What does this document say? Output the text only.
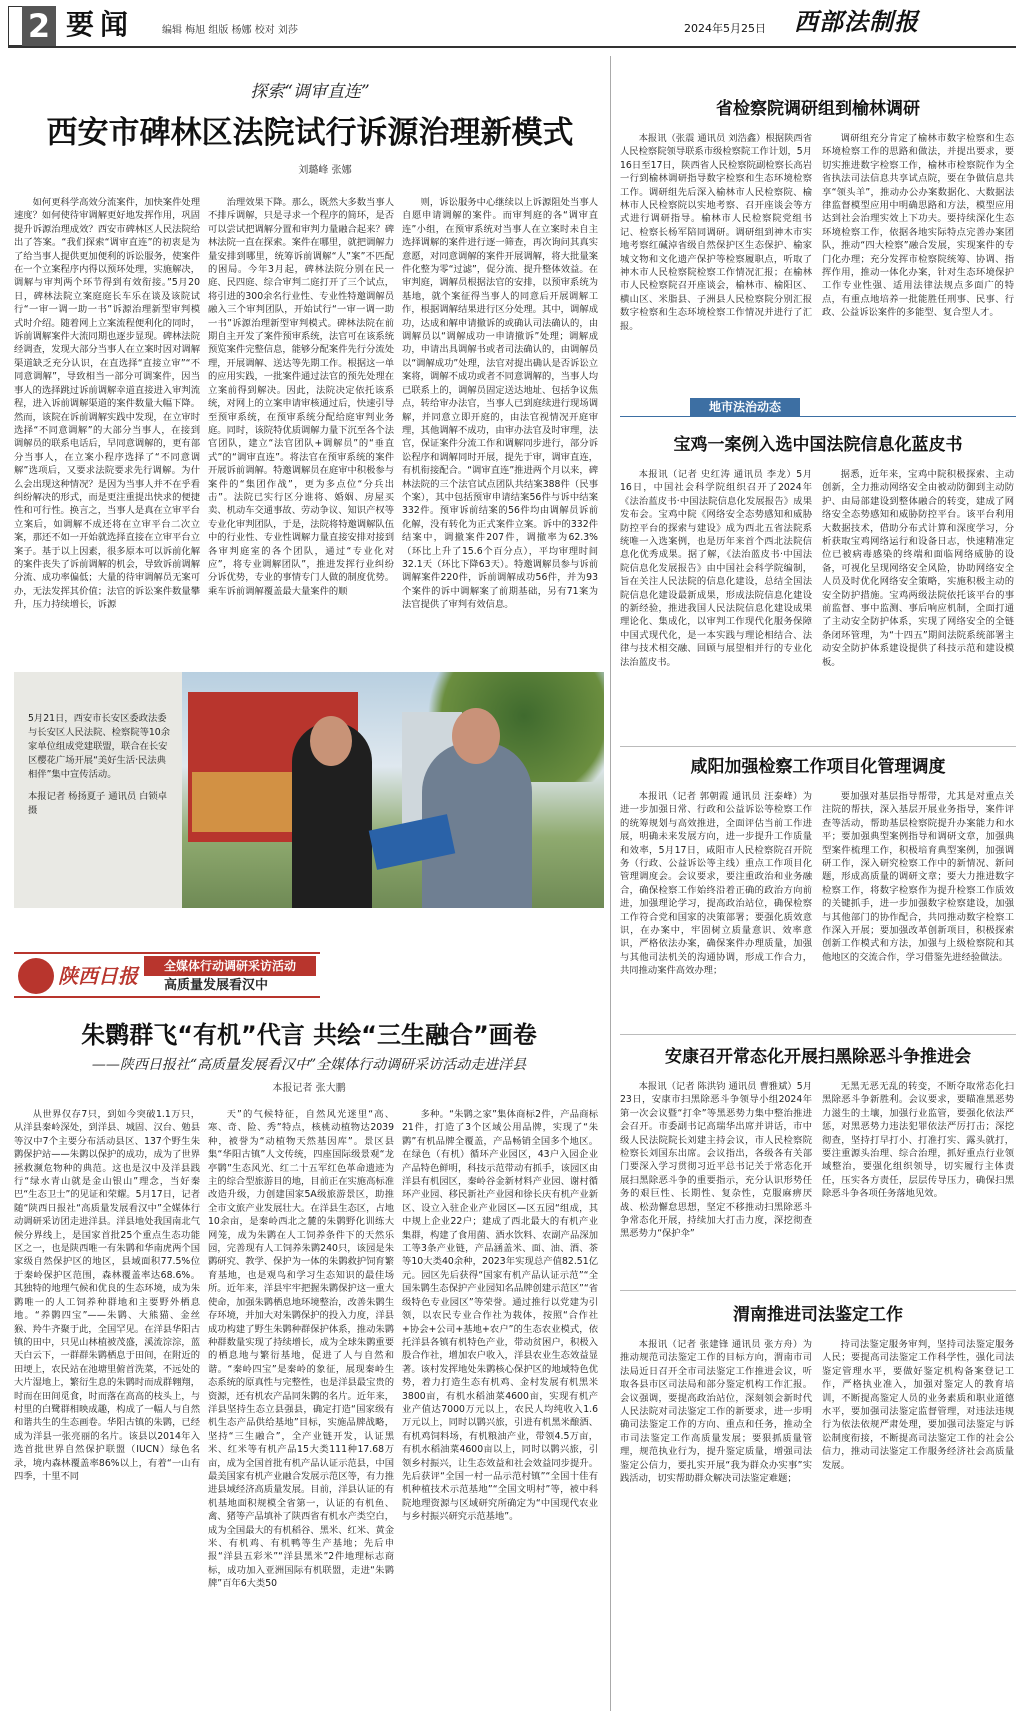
2 要闻	编辑 梅旭 组版 杨娜 校对 刘莎	2024年5月25日 西部法制报
探索“调审直连”
西安市碑林区法院试行诉源治理新模式
刘璐峰 张娜
如何更科学高效分流案件，加快案件处理速度？如何使待审调解更好地发挥作用，巩固提升诉源治理成效？西安市碑林区人民法院给出了答案。“我们探索“调审直连”的初衷是为了给当事人提供更加便利的诉讼服务，使案件在一个立案程序内得以预环处理，实施解决，调解与审判两个环节得到有效衔接。”5月20日，碑林法院立案庭庭长车乐在谈及该院试行“一审一调一助一书”诉源治理新型审判模式时介绍。随着网上立案流程便利化的同时，诉前调解案件大流同期也逐步显现。碑林法院经调查，发现大部分当事人在立案时因对调解渠道缺乏充分认识，在直选择“直接立审”“不同意调解”，导致相当一部分可调案件，因当事人的选择跳过诉前调解幸道直接进入审判流程，进入诉前调解渠道的案件数量大幅下降。然而，该院在诉前调解实践中发现，在立审时选择“不同意调解”的大部分当事人，在接到调解员的联系电话后，早同意调解的，更有部分当事人，在立案小程序选择了“不同意调解”选项后，又要求法院要求先行调解。为什么会出现这种情况？是因为当事人并不在乎看纠纷解决的形式，而是更注重提出快求的便捷性和可行性。换言之，当事人是真在立审平台立案后，如调解不成还将在立审平台二次立案，那还不如一开始就选择直接在立审平台立案子。基于以上因素，很多原本可以诉前化解的案件丧失了诉前调解的机会，导致诉前调解分流、成功率偏低；大量的待审调解员无案可办，无法发挥其价值；法官的诉讼案件数量攀升，压力持续增长，诉源
治理效果下降。那么，既然大多数当事人不排斥调解，只是寻求一个程序的简环，是否可以尝试把调解分置和审判力量融合起来？碑林法院一直在探索。案件在哪里，就把调解力量安排到哪里，统筹诉前调解“人”案”不匹配的困局。今年3月起，碑林法院分别在民一庭、民四庭、综合审判二庭打开了三个试点，将引进的300余名行业性、专业性特邀调解员融入三个审判团队，开始试行“一审一调一助一书”诉源治理新型审判模式。碑林法院在前期自主开发了案件预审系统，法官可在该系统预览案件完整信息，能够分配案件先行分流处理，开展调解、送达等先期工作。根据这一单的应用实践，一批案件通过法官的预先处理在立案前得到解决。因此，法院决定依托该系统，对网上的立案申请审核通过后，快速引导至预审系统，在预审系统分配给庭审判业务庭。同时，该院特优质调解力量下沉至各个法官团队，建立“法官团队+调解员”的“垂直式”的“调审直连”。将法官在预审系统的案件开展诉前调解。特邀调解员在庭审中积极参与案件的“集团作战”，更为多点位“分兵出击”。法院已实行区分谁将、婚姻、房屋买卖、机动车交通事故、劳动争议、知识产权等专业化审判团队，于是，法院将特邀调解队伍中的行业性、专业性调解力量直接安排对接到各审判庭室的各个团队，通过“专业化对应”，将专业调解团队”，推进发挥行业纠纷分诉优势，专业的事情专门人做的制度优势。乘车诉前调解覆盖最大量案件的顺
则，诉讼服务中心继续以上诉源阻处当事人自愿申请调解的案件。而审判庭的各“调审直连”小组，在预审系统对当事人在立案时未自主选择调解的案件进行逐一筛查，再次询问其真实意愿，对同意调解的案件开展调解，将大批量案件化整为零“过滤”，促分流、提升整体效益。在审判庭，调解员根据法官的安排，以预审系统为基地，就个案征得当事人的同意后开展调解工作，根据调解结果进行区分处理。其中，调解成功，达成和解申请撤诉的或确认司法确认的，由调解员以“调解成功一申请撤诉”处理；调解成功，申请出具调解书或者司法确认的，由调解员以“调解成功”处理，法官对提出确认是否诉讼立案将，调解不成功或者不同意调解的，当事人均已联系上的，调解员固定送达地址、包括争议焦点，转给审办法官，当事人已到庭续进行现场调解，并同意立即开庭的，由法官视情况开庭审理，其他调解不成功，由审办法官及时审理，法官，保证案件分流工作和调解同步进行，部分诉讼程序和调解同时开展，提先于审，调审直连，有机衔接配合。“调审直连”推进两个月以来，碑林法院的三个法官试点团队共结案388件（民事个案），其中包括预审申请结案56件与诉中结案332件。预审诉前结案的56件均由调解员诉前化解，没有转化为正式案件立案。诉中的332件结案中，调撤案件207件，调撤率为62.3%（环比上升了15.6个百分点），平均审理时间32.1天（环比下降63天）。特邀调解员参与诉前调解案件220件，诉前调解成功56件，并为93个案件的诉中调解案了前期基础，另有71案为法官提供了审判有效信息。
5月21日，西安市长安区委政法委与长安区人民法院、检察院等10余家单位组成党建联盟，联合在长安区樱花广场开展“美好生活·民法典相伴”集中宣传活动。
本报记者 杨扬夏子 通讯员 白锁卓 摄
陕西日报	全媒体行动调研采访活动
高质量发展看汉中
朱鹮群飞“有机”代言 共绘“三生融合”画卷
——陕西日报社“高质量发展看汉中”全媒体行动调研采访活动走进洋县
本报记者 张大鹏
从世界仅存7只，到如今突破1.1万只，从洋县秦岭深处，到洋县、城固、汉台、勉县等汉中7个主要分布活动县区、137个野生朱鹮保护站——朱鹮以保护的成功，成为了世界拯救濒危物种的典范。这也是汉中及洋县践行“绿水青山就是金山银山”理念，当好秦巴“生态卫士”的见证和荣耀。5月17日，记者随“陕西日报社“高质量发展看汉中”全媒体行动调研采访团走进洋县。洋县地处我国南北气候分界线上，是国家首批25个重点生态功能区之一，也是陕西唯一有朱鹮和华南虎两个国家级自然保护区的地区，县域面积77.5%位于秦岭保护区范围，森林覆盖率达68.6%。其独特的地理气候和优良的生态环境，成为朱鹮唯一的人工饲养种群地和主要野外栖息地。“养鹮四宝”——朱鹮、大熊猫、金丝猴、羚牛齐聚于此，全国罕见。在洋县华阳古镇的田中，只见山林植被茂盛，溪流淙淙，蓝天白云下，一群群朱鹮栖息于田间，在附近的田埂上，农民站在池塘里俯首洗菜，不远处的大片湿地上，繁衍生息的朱鹮时而成群翱翔，时而在田间觅食，时而落在高高的枝头上，与村里的白鹭群相映成趣，构成了一幅人与自然和谐共生的生态画卷。华阳古镇的朱鹮，已经成为洋县一张亮丽的名片。该县以2014年入选首批世界自然保护联盟（IUCN）绿色名录，境内森林覆盖率86%以上，有着“一山有四季，十里不同
天”的气候特征，自然风光迷里“高、寒、奇、险、秀”特点，核桃动植物达2039种，被誉为“动植物天然基因库”。景区县集“华阳古镇”人文传统，四座国际级景观“龙亭鹮”生态风光、红二十五军红色革命遗迹为主的综合型旅游目的地，目前正在实施高标准改造升级，力创建国家5A级旅游景区，助推全市文旅产业发展壮大。在洋县生态区，占地10余亩，是秦岭西北之麓的朱鹮野化训练大网笼，成为朱鹮在人工饲养条件下的天然乐园，完善现有人工饲养朱鹮240只，该园是朱鹮研究、教学、保护为一体的朱鹮救护饲育繁育基地，也是观鸟和学习生态知识的最佳场所。近年来，洋县牢牢把握朱鹮保护这一重大使命，加强朱鹮栖息地环境整治，改善朱鹮生存环境，并加大对朱鹮保护的投入力度，洋县成功构建了野生朱鹮种群保护体系，推动朱鹮种群数量实现了持续增长，成为全球朱鹮重要的栖息地与繁衍基地，促进了人与自然和谐。“秦岭四宝”是秦岭的象征，展现秦岭生态系统的原真性与完整性，也是洋县最宝贵的资源，还有机农产品同朱鹮的名片。近年来，洋县坚持生态立县强县，确定打造“国家级有机生态产品供给基地”目标，实施品牌战略，坚持“三生融合”，全产业链开发，认证黑米、红米等有机产品15大类111种17.68万亩，成为全国首批有机产品认证示范县，中国最美国家有机产业融合发展示范区等，有力推进县域经济高质量发展。目前，洋县认证的有机基地面积规模全省第一，认证的有机鱼、禽、猪等产品填补了陕西省有机水产类空白，成为全国最大的有机稻谷、黑米、红米、黄金米、有机鸡、有机鸭等生产基地；先后申报“洋县五彩米”“洋县黑米”2件地理标志商标，成功加入亚洲国际有机联盟，走进“朱鹮牌”百年6大类50
多种。“朱鹮之家”集体商标2件，产品商标21件，打造了3个区域公用品牌，实现了“朱鹮”有机品牌全覆盖，产品畅销全国多个地区。在绿色（有机）循环产业园区，43户入园企业产品特色鲜明，科技示范带动有抓手，该园区由洋县有机园区，秦岭谷金新材料产业园、谢村循环产业园、移民新社产业园和徐长庆有机产业新区、设立入驻企业产业园区—区五园“组成，其中规上企业22户；建成了西北最大的有机产业集群，构建了食用菌、酒水饮料、农副产品深加工等3条产业链，产品涵盖米、面、油、酒、茶等10大类40余种，2023年实现总产值82.51亿元。园区先后获得“国家有机产品认证示范”“全国朱鹮生态保护产业园知名品牌创建示范区”“省级特色专业园区”等荣誉。通过推行以党建为引领，以农民专业合作社为载体，按照“合作社+协会+公司+基地+农户”的生态农业模式，依托洋县各镇有机特色产业，带动贫困户，积极入股合作社，增加农户收入，洋县农业生态效益显著。该村发挥地处朱鹮核心保护区的地域特色优势，着力打造生态有机鸡、金村发展有机黑米3800亩，有机水稻油菜4600亩，实现有机产业产值达7000万元以上，农民人均纯收入1.6万元以上，同时以鹮兴旅，引进有机黑米酿酒、有机鸡饲料场，有机粮油产业，带领4.5万亩，有机水稻油菜4600亩以上，同时以鹮兴旅，引领乡村振兴，让生态效益和社会效益同步提升。先后获评“全国一村一品示范村镇”“全国十佳有机种植技术示范基地”“全国文明村”等，被中科院地理资源与区域研究所确定为“中国现代农业与乡村振兴研究示范基地”。
省检察院调研组到榆林调研
本报讯（张震 通讯员 刘浩鑫）根据陕西省人民检察院领导联系市级检察院工作计划，5月16日至17日，陕西省人民检察院副检察长高岩一行到榆林调研指导数字检察和生态环境检察工作。调研组先后深入榆林市人民检察院、榆林市人民检察院以实地考察、召开座谈会等方式进行调研指导。榆林市人民检察院党组书记、检察长杨军陪同调研。调研组到神木市实地考察红碱淖省级自然保护区生态保护、榆家城文物和文化遗产保护等检察履职点，听取了神木市人民检察院检察工作情况汇报；在榆林市人民检察院召开座谈会，榆林市、榆阳区、横山区、米脂县、子洲县人民检察院分别汇报数字检察和生态环境检察工作情况并进行了汇报。
调研组充分肯定了榆林市数字检察和生态环境检察工作的思路和做法，并提出要求，要切实推进数字检察工作，榆林市检察院作为全省执法司法信息共享试点院，要在争做信息共享“领头羊”，推动办公办案数据化、大数据法律监督模型应用中明确思路和方法，模型应用达到社会治理实效上下功夫。要持续深化生态环境检察工作，依据各地实际特点完善办案团队，推动“四大检察”融合发展，实现案件的专门化办理；充分发挥市检察院统筹、协调、指挥作用，推动一体化办案，针对生态环境保护工作专业性强、适用法律法规点多面广的特点，有重点地培养一批能胜任刑事、民事、行政、公益诉讼案件的多能型、复合型人才。
地市法治动态
宝鸡一案例入选中国法院信息化蓝皮书
本报讯（记者 史红涛 通讯员 李龙）5月16日，中国社会科学院组织召开了2024年《法治蓝皮书·中国法院信息化发展报告》成果发布会。宝鸡中院《网络安全态势感知和威胁防控平台的探索与建设》成为西北五省法院系统唯一入选案例，也是历年来首个西北法院信息化优秀成果。据了解，《法治蓝皮书·中国法院信息化发展报告》由中国社会科学院编制，旨在关注人民法院的信息化建设，总结全国法院信息化建设最新成果，形成法院信息化建设的新经验，推进我国人民法院信息化建设成果理论化、集成化，以审判工作现代化服务保障中国式现代化，是一本实践与理论相结合、法律与技术相交融、回顾与展望相并行的专业化法治蓝皮书。
据悉，近年来，宝鸡中院积极探索、主动创新，全力推动网络安全由被动防御到主动防护、由局部建设到整体融合的转变，建成了网络安全态势感知和威胁防控平台。该平台利用大数据技术，借助分布式计算和深度学习，分析获取宝鸡网络运行和设备日志，快速精准定位已被病毒感染的终端和面临网络威胁的设备，可视化呈现网络安全风险，协助网络安全人员及时优化网络安全策略，实施积极主动的安全防护措施。宝鸡两级法院依托该平台的事前监督、事中监测、事后响应机制，全面打通了主动安全防护体系，实现了网络安全的全链条闭环管理，为“十四五”期间法院系统部署主动安全防护体系建设提供了科技示范和建设模板。
咸阳加强检察工作项目化管理调度
本报讯（记者 郭朝霞 通讯员 汪泰峰）为进一步加强日常、行政和公益诉讼等检察工作的统筹规划与高效推进，全面评估当前工作进展，明确未来发展方向，进一步提升工作质量和效率，5月17日，咸阳市人民检察院召开院务（行政、公益诉讼等主线）重点工作项目化管理调度会。会议要求，要注重政治和业务融合，确保检察工作始终沿着正确的政治方向前进，加强理论学习，提高政治站位，确保检察工作符合党和国家的决策部署；要强化质效意识，在办案中，牢固树立质量意识、效率意识，严格依法办案，确保案件办理质量，加强与其他司法机关的沟通协调，形成工作合力，共同推动案件高效办理；
要加强对基层指导帮带，尤其是对重点关注院的帮扶，深入基层开展业务指导，案件评查等活动，帮助基层检察院提升办案能力和水平；要加强典型案例指导和调研文章，加强典型案件梳理工作，积极培育典型案例，加强调研工作，深入研究检察工作中的新情况、新问题，形成高质量的调研文章；要大力推进数字检察工作，将数字检察作为提升检察工作质效的关键抓手，进一步加强数字检察建设，加强与其他部门的协作配合，共同推动数字检察工作深入开展；要加强改革创新项目，积极探索创新工作模式和方法，加强与上级检察院和其他地区的交流合作，学习借鉴先进经验做法。
安康召开常态化开展扫黑除恶斗争推进会
本报讯（记者 陈洪钧 通讯员 曹雅斌）5月23日，安康市扫黑除恶斗争领导小组2024年第一次会议暨“打伞”等黑恶势力集中整治推进会召开。市委副书记高瑞华出席并讲话，市中级人民法院院长刘建主持会议，市人民检察院检察长刘国东出席。会议指出，各级各有关部门要深入学习贯彻习近平总书记关于常态化开展扫黑除恶斗争的重要指示，充分认识形势任务的艰巨性、长期性、复杂性，克服麻痹厌战、松劲懈怠思想，坚定不移推动扫黑除恶斗争常态化开展，持续加大打击力度，深挖彻查黑恶势力“保护伞”
无黑无恶无乱的转变，不断夺取常态化扫黑除恶斗争新胜利。会议要求，要瞄准黑恶势力滋生的土壤，加强行业监管，要强化依法严惩，对黑恶势力违法犯罪依法严厉打击；深挖彻查，坚持打早打小、打准打实、露头就打，要注重源头治理、综合治理，抓好重点行业领域整治，要强化组织领导，切实履行主体责任，压实各方责任，层层传导压力，确保扫黑除恶斗争各项任务落地见效。
渭南推进司法鉴定工作
本报讯（记者 张建锋 通讯员 张方舟）为推动规范司法鉴定工作的目标方向，渭南市司法局近日召开全市司法鉴定工作推进会议，听取各县市区司法局和部分鉴定机构工作汇报。会议强调，要提高政治站位，深刻领会新时代人民法院对司法鉴定工作的新要求，进一步明确司法鉴定工作的方向、重点和任务，推动全市司法鉴定工作高质量发展；要狠抓质量管理，规范执业行为，提升鉴定质量，增强司法鉴定公信力，要扎实开展“我为群众办实事”实践活动，切实帮助群众解决司法鉴定难题；
持司法鉴定服务审判，坚持司法鉴定服务人民；要提高司法鉴定工作科学性，强化司法鉴定管理水平，要做好鉴定机构备案登记工作，严格执业准入，加强对鉴定人的教育培训，不断提高鉴定人员的业务素质和职业道德水平，要加强司法鉴定监督管理，对违法违规行为依法依规严肃处理，要加强司法鉴定与诉讼制度衔接，不断提高司法鉴定工作的社会公信力，推动司法鉴定工作服务经济社会高质量发展。
